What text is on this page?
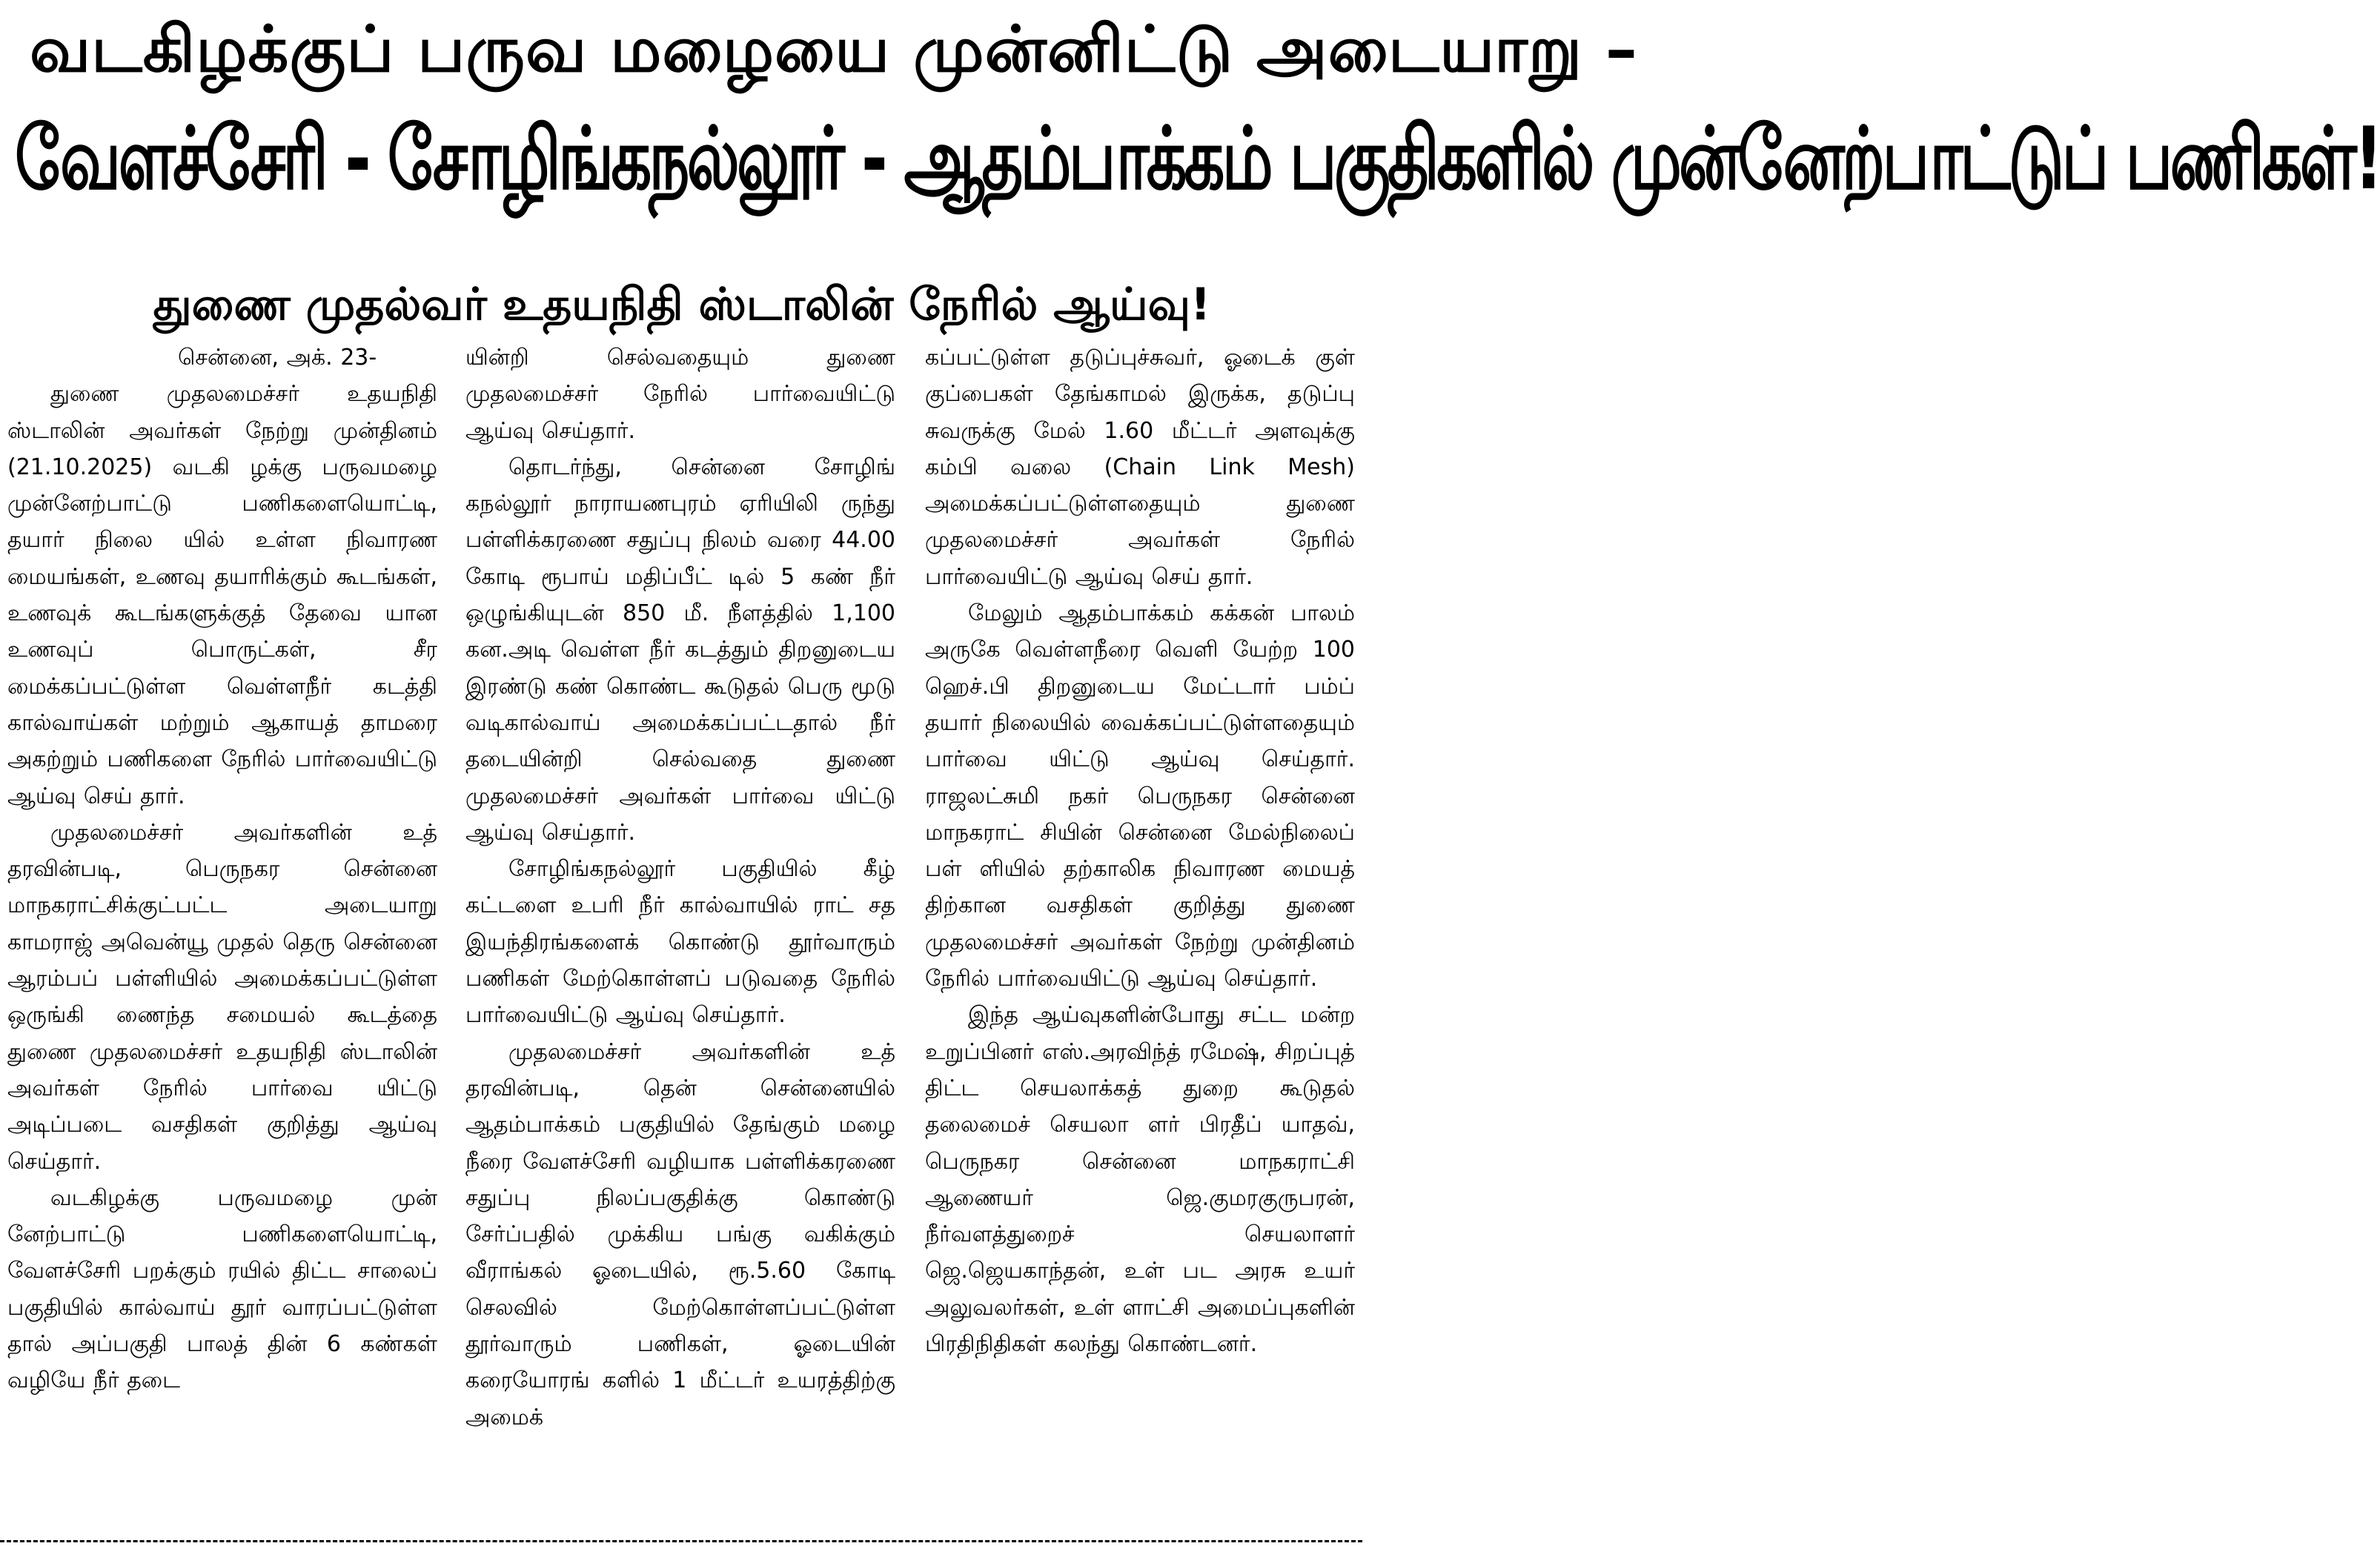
வடகிழக்குப் பருவ மழையை முன்னிட்டு அடையாறு –
வேளச்சேரி - சோழிங்கநல்லூர் - ஆதம்பாக்கம் பகுதிகளில் முன்னேற்பாட்டுப் பணிகள்!
துணை முதல்வர் உதயநிதி ஸ்டாலின் நேரில் ஆய்வு!

சென்னை, அக். 23-

துணை முதலமைச்சர் உதயநிதி ஸ்டாலின் அவர்கள் நேற்று முன்தினம் (21.10.2025) வடகி ழக்கு பருவமழை முன்னேற்பாட்டு பணிகளையொட்டி, தயார் நிலை யில் உள்ள நிவாரண மையங்கள், உணவு தயாரிக்கும் கூடங்கள், உணவுக் கூடங்களுக்குத் தேவை யான உணவுப் பொருட்கள், சீர மைக்கப்பட்டுள்ள வெள்ளநீர் கடத்தி கால்வாய்கள் மற்றும் ஆகாயத் தாமரை அகற்றும் பணிகளை நேரில் பார்வையிட்டு ஆய்வு செய் தார்.

முதலமைச்சர் அவர்களின் உத் தரவின்படி, பெருநகர சென்னை மாநகராட்சிக்குட்பட்ட அடையாறு காமராஜ் அவென்யூ முதல் தெரு சென்னை ஆரம்பப் பள்ளியில் அமைக்கப்பட்டுள்ள ஒருங்கி ணைந்த சமையல் கூடத்தை துணை முதலமைச்சர் உதயநிதி ஸ்டாலின் அவர்கள் நேரில் பார்வை யிட்டு அடிப்படை வசதிகள் குறித்து ஆய்வு செய்தார்.

வடகிழக்கு பருவமழை முன் னேற்பாட்டு பணிகளையொட்டி, வேளச்சேரி பறக்கும் ரயில் திட்ட சாலைப் பகுதியில் கால்வாய் தூர் வாரப்பட்டுள்ள தால் அப்பகுதி பாலத் தின் 6 கண்கள் வழியே நீர் தடை

யின்றி செல்வதையும் துணை முதலமைச்சர் நேரில் பார்வையிட்டு ஆய்வு செய்தார்.

தொடர்ந்து, சென்னை சோழிங் கநல்லூர் நாராயணபுரம் ஏரியிலி ருந்து பள்ளிக்கரணை சதுப்பு நிலம் வரை 44.00 கோடி ரூபாய் மதிப்பீட் டில் 5 கண் நீர் ஒழுங்கியுடன் 850 மீ. நீளத்தில் 1,100 கன.அடி வெள்ள நீர் கடத்தும் திறனுடைய இரண்டு கண் கொண்ட கூடுதல் பெரு மூடு வடிகால்வாய் அமைக்கப்பட்டதால் நீர் தடையின்றி செல்வதை துணை முதலமைச்சர் அவர்கள் பார்வை யிட்டு ஆய்வு செய்தார்.

சோழிங்கநல்லூர் பகுதியில் கீழ் கட்டளை உபரி நீர் கால்வாயில் ராட் சத இயந்திரங்களைக் கொண்டு தூர்வாரும் பணிகள் மேற்கொள்ளப் படுவதை நேரில் பார்வையிட்டு ஆய்வு செய்தார்.

முதலமைச்சர் அவர்களின் உத் தரவின்படி, தென் சென்னையில் ஆதம்பாக்கம் பகுதியில் தேங்கும் மழை நீரை வேளச்சேரி வழியாக பள்ளிக்கரணை சதுப்பு நிலப்பகுதிக்கு கொண்டு சேர்ப்பதில் முக்கிய பங்கு வகிக்கும் வீராங்கல் ஓடையில், ரூ.5.60 கோடி செலவில் மேற்கொள்ளப்பட்டுள்ள தூர்வாரும் பணிகள், ஓடையின் கரையோரங் களில் 1 மீட்டர் உயரத்திற்கு அமைக்

கப்பட்டுள்ள தடுப்புச்சுவர், ஓடைக் குள் குப்பைகள் தேங்காமல் இருக்க, தடுப்பு சுவருக்கு மேல் 1.60 மீட்டர் அளவுக்கு கம்பி வலை (Chain Link Mesh) அமைக்கப்பட்டுள்ளதையும் துணை முதலமைச்சர் அவர்கள் நேரில் பார்வையிட்டு ஆய்வு செய் தார்.

மேலும் ஆதம்பாக்கம் கக்கன் பாலம் அருகே வெள்ளநீரை வெளி யேற்ற 100 ஹெச்.பி திறனுடைய மேட்டார் பம்ப் தயார் நிலையில் வைக்கப்பட்டுள்ளதையும் பார்வை யிட்டு ஆய்வு செய்தார். ராஜலட்சுமி நகர் பெருநகர சென்னை மாநகராட் சியின் சென்னை மேல்நிலைப் பள் ளியில் தற்காலிக நிவாரண மையத் திற்கான வசதிகள் குறித்து துணை முதலமைச்சர் அவர்கள் நேற்று முன்தினம் நேரில் பார்வையிட்டு ஆய்வு செய்தார்.

இந்த ஆய்வுகளின்போது சட்ட மன்ற உறுப்பினர் எஸ்.அரவிந்த் ரமேஷ், சிறப்புத் திட்ட செயலாக்கத் துறை கூடுதல் தலைமைச் செயலா ளர் பிரதீப் யாதவ், பெருநகர சென்னை மாநகராட்சி ஆணையர் ஜெ.குமரகுருபரன், நீர்வளத்துறைச் செயலாளர் ஜெ.ஜெயகாந்தன், உள் பட அரசு உயர் அலுவலர்கள், உள் ளாட்சி அமைப்புகளின் பிரதிநிதிகள் கலந்து கொண்டனர்.
